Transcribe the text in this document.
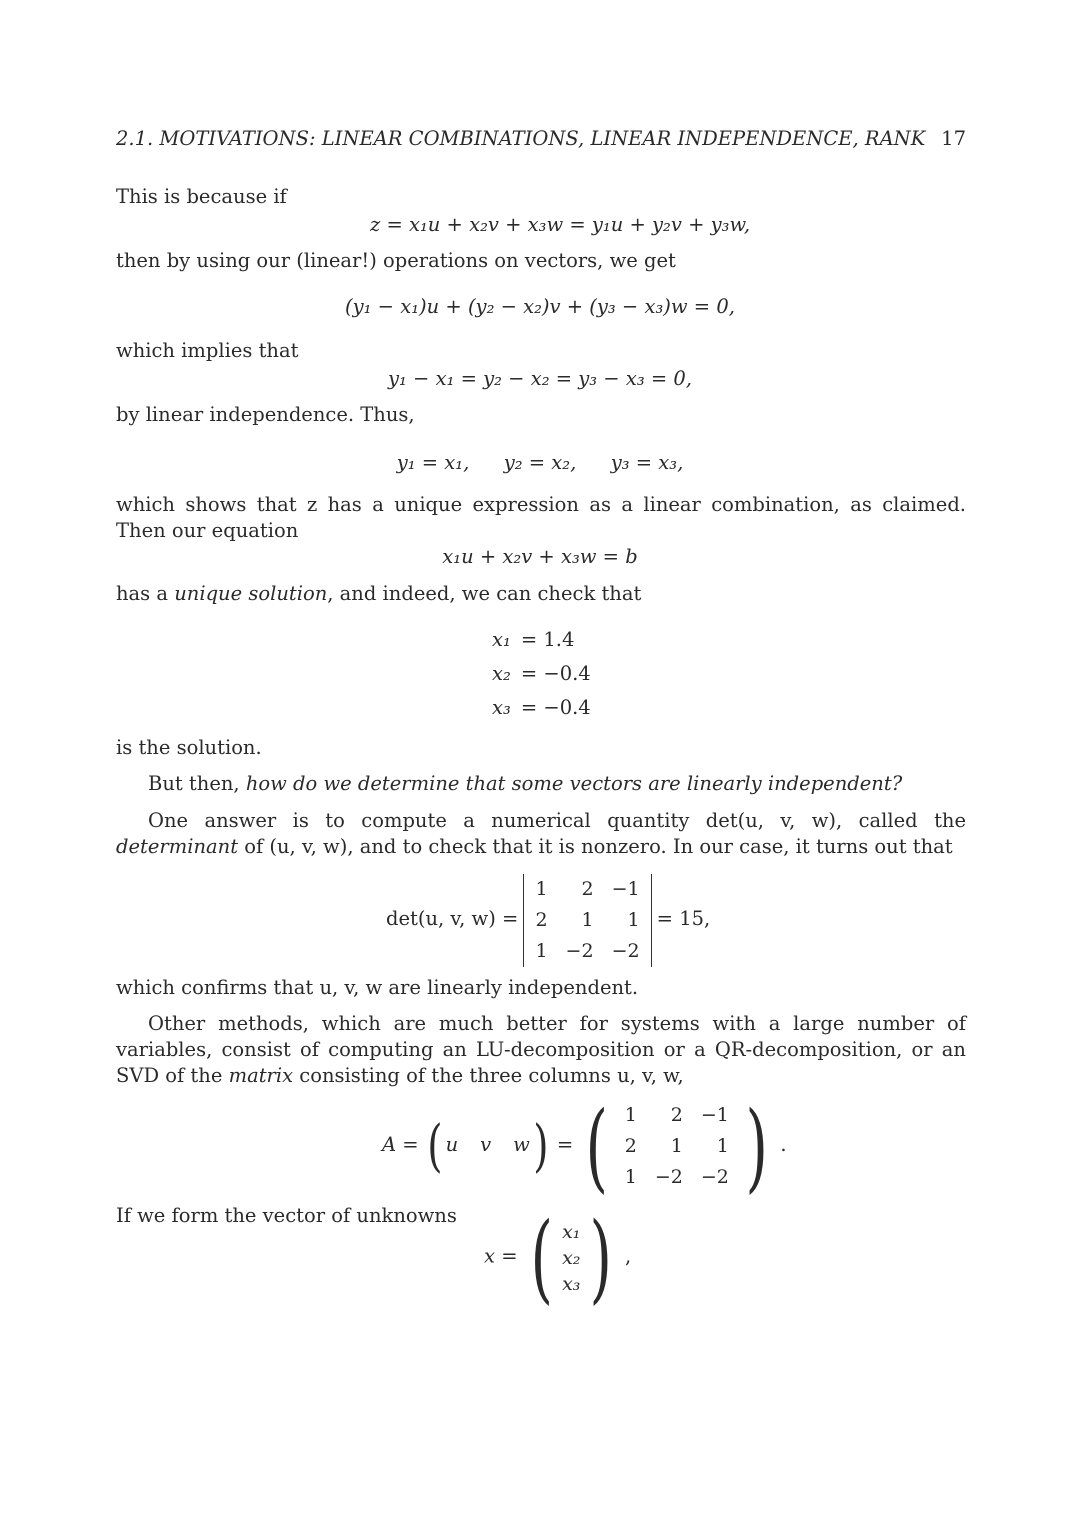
2.1. MOTIVATIONS: LINEAR COMBINATIONS, LINEAR INDEPENDENCE, RANK 17
This is because if
z = x₁u + x₂v + x₃w = y₁u + y₂v + y₃w,
then by using our (linear!) operations on vectors, we get
(y₁ − x₁)u + (y₂ − x₂)v + (y₃ − x₃)w = 0,
which implies that
y₁ − x₁ = y₂ − x₂ = y₃ − x₃ = 0,
by linear independence. Thus,
y₁ = x₁, y₂ = x₂, y₃ = x₃,
which shows that z has a unique expression as a linear combination, as claimed. Then our equation
x₁u + x₂v + x₃w = b
has a unique solution, and indeed, we can check that
x₁	= 1.4
x₂	= −0.4
x₃	= −0.4
is the solution.
But then, how do we determine that some vectors are linearly independent?
One answer is to compute a numerical quantity det(u, v, w), called the determinant of (u, v, w), and to check that it is nonzero. In our case, it turns out that
det(u, v, w) =
1	2	−1
2	1	1
1	−2	−2
= 15,
which confirms that u, v, w are linearly independent.
Other methods, which are much better for systems with a large number of variables, consist of computing an LU-decomposition or a QR-decomposition, or an SVD of the matrix consisting of the three columns u, v, w,
A = ( u v w) = ( 1	2	−1
2	1	1
1	−2	−2 ) .
If we form the vector of unknowns
x = ( x₁
x₂
x₃ ) ,
